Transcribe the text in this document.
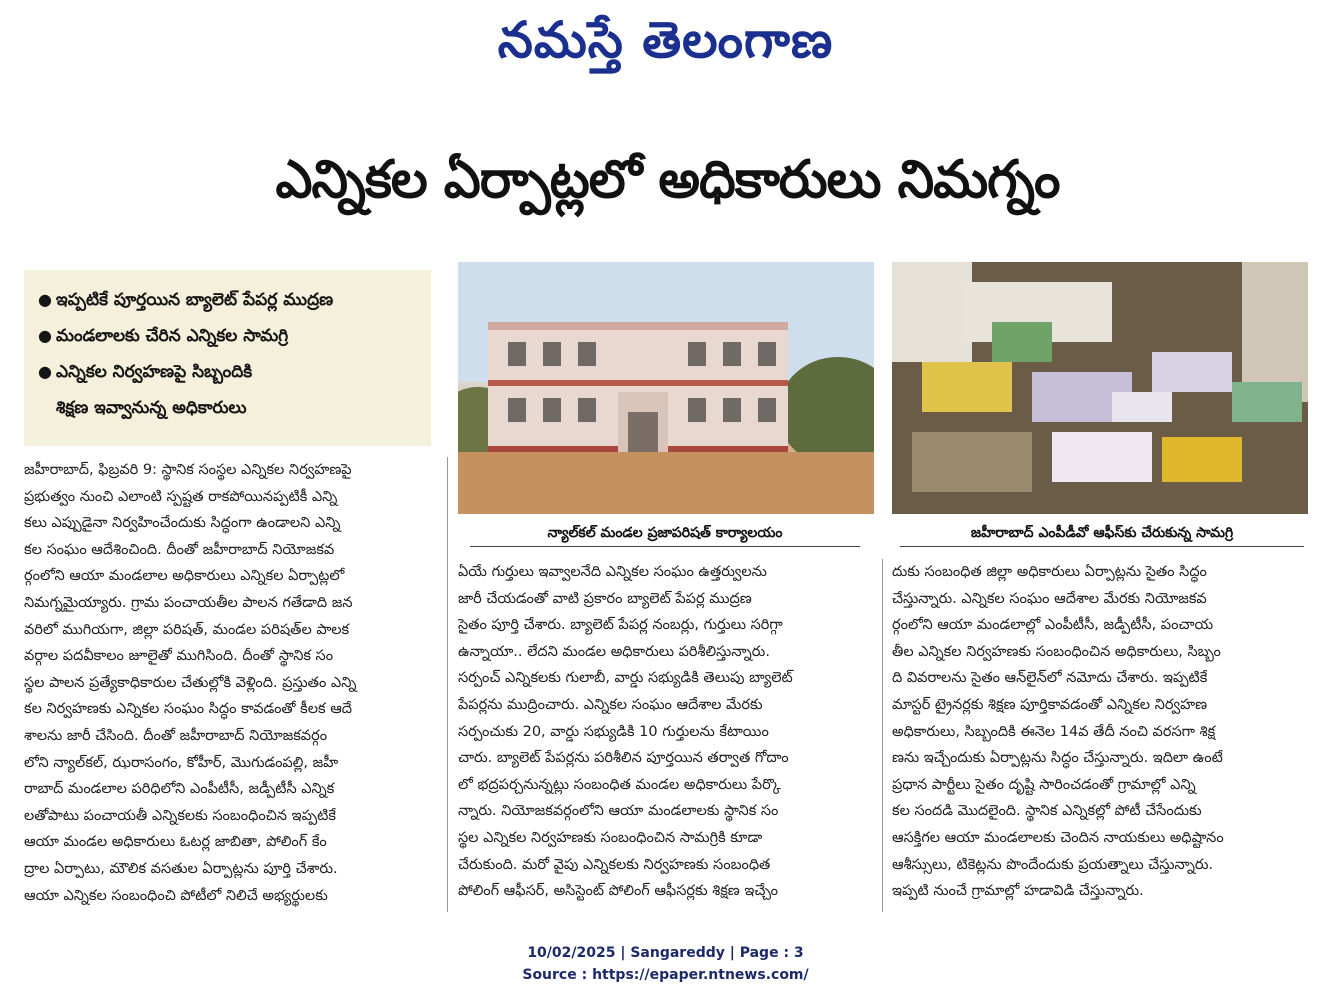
నమస్తే తెలంగాణ
ఎన్నికల ఏర్పాట్లలో అధికారులు నిమగ్నం
● ఇప్పటికే పూర్తయిన బ్యాలెట్ పేపర్ల ముద్రణ
● మండలాలకు చేరిన ఎన్నికల సామగ్రి
● ఎన్నికల నిర్వహణపై సిబ్బందికి
శిక్షణ ఇవ్వానున్న అధికారులు
న్యాల్‌కల్ మండల ప్రజాపరిషత్ కార్యాలయం	జహీరాబాద్ ఎంపీడీవో ఆఫీస్‌కు చేరుకున్న సామగ్రి
జహీరాబాద్, ఫిబ్రవరి 9: స్థానిక సంస్థల ఎన్నికల నిర్వహణపై
ప్రభుత్వం నుంచి ఎలాంటి స్పష్టత రాకపోయినప్పటికీ ఎన్ని
కలు ఎప్పుడైనా నిర్వహించేందుకు సిద్ధంగా ఉండాలని ఎన్ని
కల సంఘం ఆదేశించింది. దీంతో జహీరాబాద్ నియోజకవ
ర్గంలోని ఆయా మండలాల అధికారులు ఎన్నికల ఏర్పాట్లలో
నిమగ్నమైయ్యారు. గ్రామ పంచాయతీల పాలన గతేడాది జన
వరిలో ముగియగా, జిల్లా పరిషత్, మండల పరిషత్‌ల పాలక
వర్గాల పదవీకాలం జూలైతో ముగిసింది. దీంతో స్థానిక సం
స్థల పాలన ప్రత్యేకాధికారుల చేతుల్లోకి వెళ్లింది. ప్రస్తుతం ఎన్ని
కల నిర్వహణకు ఎన్నికల సంఘం సిద్ధం కావడంతో కీలక ఆదే
శాలను జారీ చేసింది. దీంతో జహీరాబాద్ నియోజకవర్గం
లోని న్యాల్‌కల్, ఝరాసంగం, కోహీర్, మొగుడంపల్లి, జహీ
రాబాద్ మండలాల పరిధిలోని ఎంపీటీసీ, జడ్పీటీసీ ఎన్నిక
లతోపాటు పంచాయతీ ఎన్నికలకు సంబంధించిన ఇప్పటికే
ఆయా మండల అధికారులు ఓటర్ల జాబితా, పోలింగ్ కేం
ద్రాల ఏర్పాటు, మౌలిక వసతుల ఏర్పాట్లను పూర్తి చేశారు.
ఆయా ఎన్నికల సంబంధించి పోటీలో నిలిచే అభ్యర్థులకు
ఏయే గుర్తులు ఇవ్వాలనేది ఎన్నికల సంఘం ఉత్తర్వులను
జారీ చేయడంతో వాటి ప్రకారం బ్యాలెట్ పేపర్ల ముద్రణ
సైతం పూర్తి చేశారు. బ్యాలెట్ పేపర్ల నంబర్లు, గుర్తులు సరిగ్గా
ఉన్నాయా.. లేదని మండల అధికారులు పరిశీలిస్తున్నారు.
సర్పంచ్ ఎన్నికలకు గులాబీ, వార్డు సభ్యుడికి తెలుపు బ్యాలెట్
పేపర్లను ముద్రించారు. ఎన్నికల సంఘం ఆదేశాల మేరకు
సర్పంచుకు 20, వార్డు సభ్యుడికి 10 గుర్తులను కేటాయిం
చారు. బ్యాలెట్ పేపర్లను పరిశీలిన పూర్తయిన తర్వాత గోదాం
లో భద్రపర్చనున్నట్లు సంబంధిత మండల అధికారులు పేర్కొ
న్నారు. నియోజకవర్గంలోని ఆయా మండలాలకు స్థానిక సం
స్థల ఎన్నికల నిర్వహణకు సంబంధించిన సామగ్రికి కూడా
చేరుకుంది. మరో వైపు ఎన్నికలకు నిర్వహణకు సంబంధిత
పోలింగ్ ఆఫీసర్, అసిస్టెంట్ పోలింగ్ ఆఫీసర్లకు శిక్షణ ఇచ్చేం
దుకు సంబంధిత జిల్లా అధికారులు ఏర్పాట్లను సైతం సిద్ధం
చేస్తున్నారు. ఎన్నికల సంఘం ఆదేశాల మేరకు నియోజకవ
ర్గంలోని ఆయా మండలాల్లో ఎంపీటీసీ, జడ్పీటీసీ, పంచాయ
తీల ఎన్నికల నిర్వహణకు సంబంధించిన అధికారులు, సిబ్బం
ది వివరాలను సైతం ఆన్‌లైన్‌లో నమోదు చేశారు. ఇప్పటికే
మాస్టర్ ట్రైనర్లకు శిక్షణ పూర్తికావడంతో ఎన్నికల నిర్వహణ
అధికారులు, సిబ్బందికి ఈనెల 14వ తేదీ నంచి వరసగా శిక్ష
ణను ఇచ్చేందుకు ఏర్పాట్లను సిద్ధం చేస్తున్నారు. ఇదిలా ఉంటే
ప్రధాన పార్టీలు సైతం దృష్టి సారించడంతో గ్రామాల్లో ఎన్ని
కల సందడి మొదలైంది. స్థానిక ఎన్నికల్లో పోటీ చేసేందుకు
ఆసక్తిగల ఆయా మండలాలకు చెందిన నాయకులు అధిష్టానం
ఆశీస్సులు, టికెట్లను పొందేందుకు ప్రయత్నాలు చేస్తున్నారు.
ఇప్పటి నుంచే గ్రామాల్లో హడావిడి చేస్తున్నారు.
10/02/2025 | Sangareddy | Page : 3
Source : https://epaper.ntnews.com/
